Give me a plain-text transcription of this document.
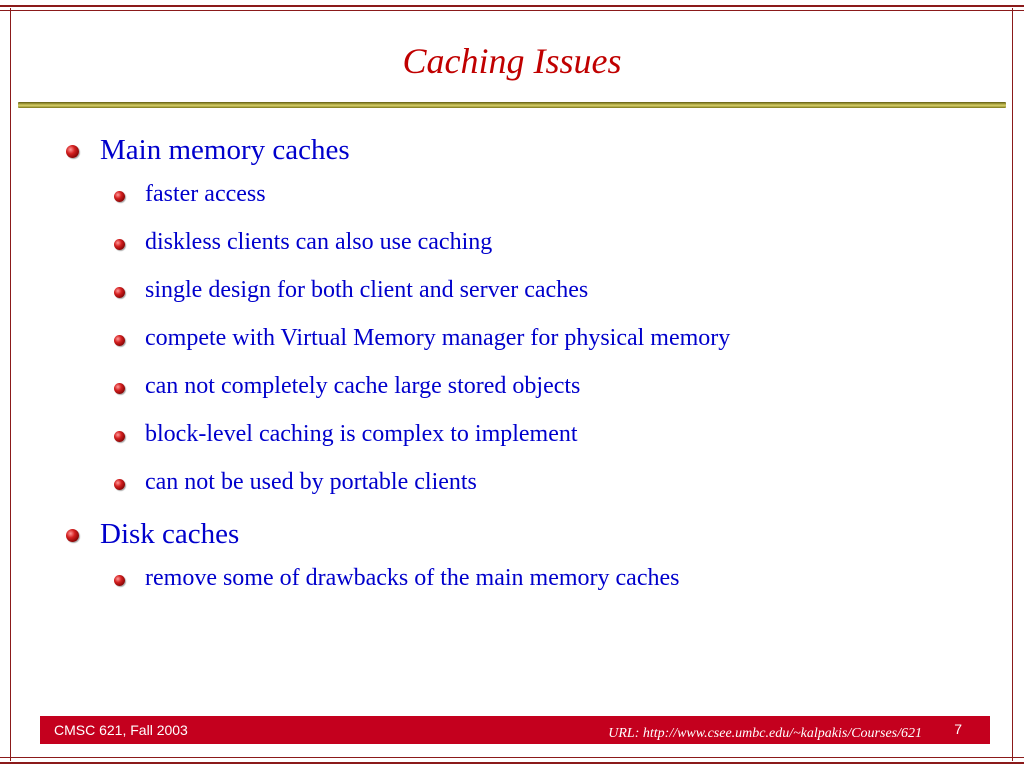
Caching Issues
Main memory caches
faster access
diskless clients can also use caching
single design for both client and server caches
compete with Virtual Memory manager for physical memory
can not completely cache large stored objects
block-level caching is complex to implement
can not be used by portable clients
Disk caches
remove some of drawbacks of the main memory caches
CMSC 621, Fall 2003	URL: http://www.csee.umbc.edu/~kalpakis/Courses/621 7
